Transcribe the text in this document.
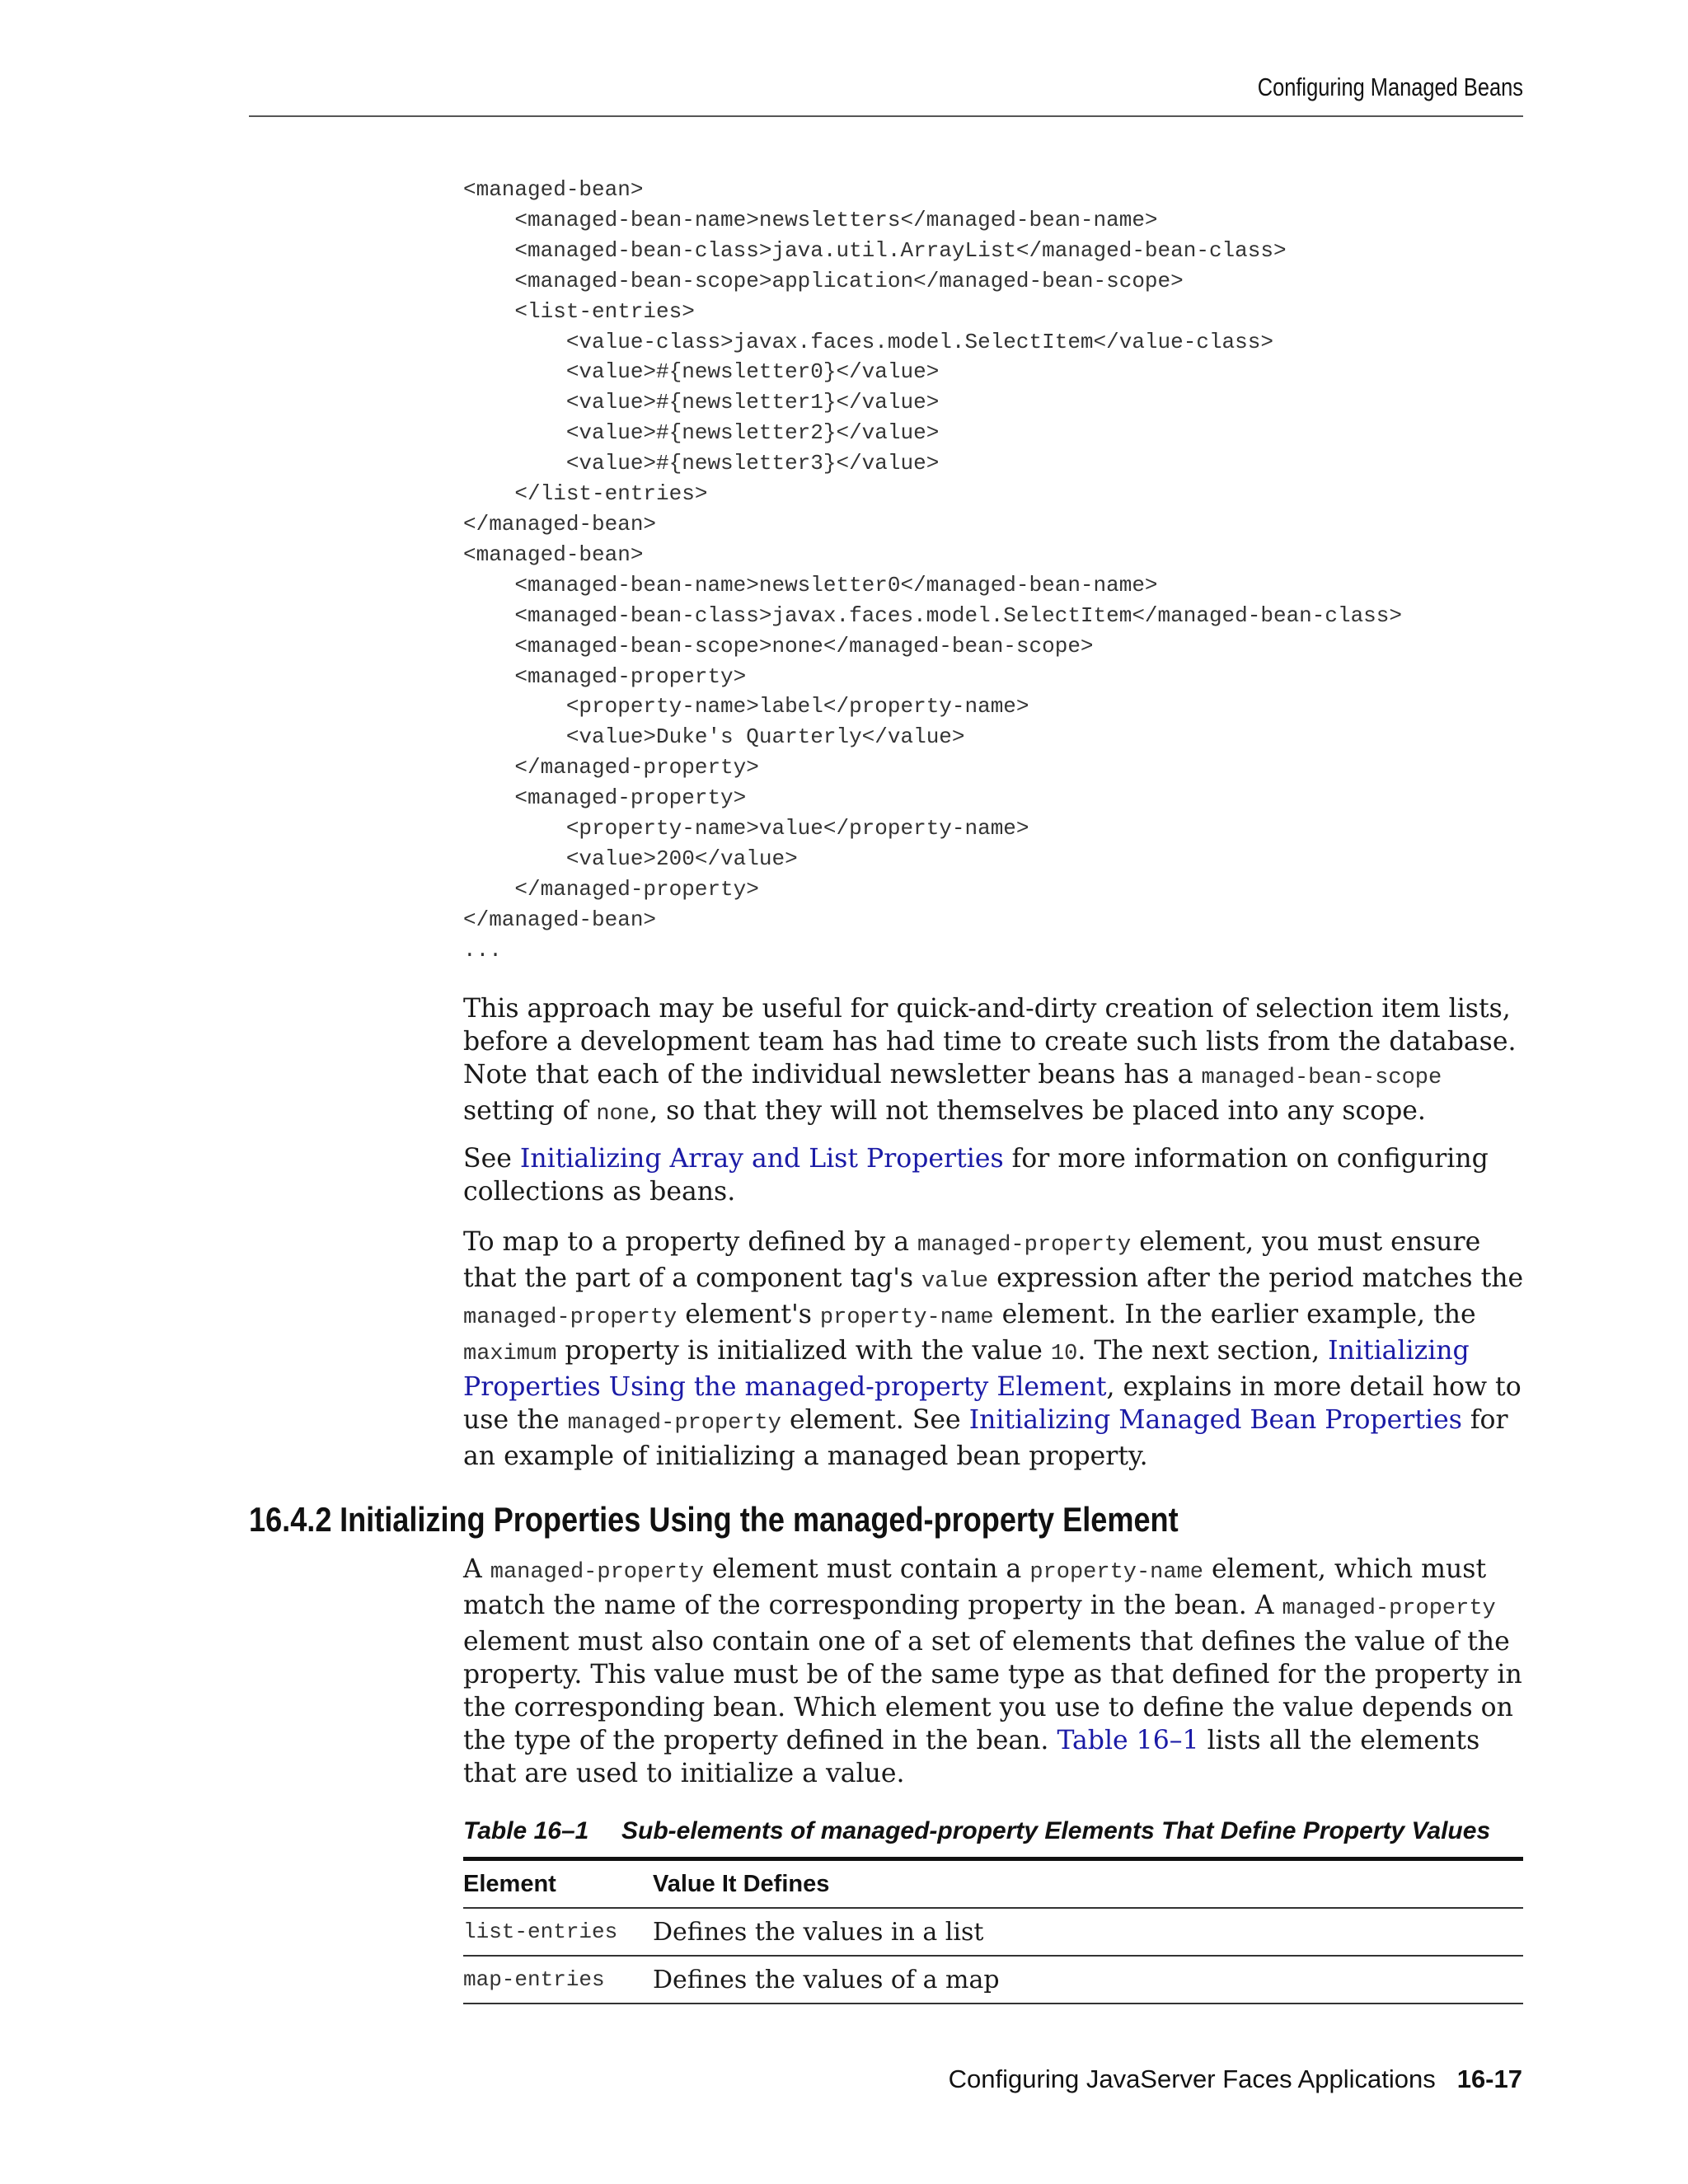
Configuring Managed Beans
<managed-bean>
<managed-bean-name>newsletters</managed-bean-name>
<managed-bean-class>java.util.ArrayList</managed-bean-class>
<managed-bean-scope>application</managed-bean-scope>
<list-entries>
<value-class>javax.faces.model.SelectItem</value-class>
<value>#{newsletter0}</value>
<value>#{newsletter1}</value>
<value>#{newsletter2}</value>
<value>#{newsletter3}</value>
</list-entries>
</managed-bean>
<managed-bean>
<managed-bean-name>newsletter0</managed-bean-name>
<managed-bean-class>javax.faces.model.SelectItem</managed-bean-class>
<managed-bean-scope>none</managed-bean-scope>
<managed-property>
<property-name>label</property-name>
<value>Duke's Quarterly</value>
</managed-property>
<managed-property>
<property-name>value</property-name>
<value>200</value>
</managed-property>
</managed-bean>
...

This approach may be useful for quick-and-dirty creation of selection item lists, before a development team has had time to create such lists from the database. Note that each of the individual newsletter beans has a managed-bean-scope setting of none, so that they will not themselves be placed into any scope.

See Initializing Array and List Properties for more information on configuring collections as beans.

To map to a property defined by a managed-property element, you must ensure that the part of a component tag's value expression after the period matches the managed-property element's property-name element. In the earlier example, the maximum property is initialized with the value 10. The next section, Initializing Properties Using the managed-property Element, explains in more detail how to use the managed-property element. See Initializing Managed Bean Properties for an example of initializing a managed bean property.

16.4.2 Initializing Properties Using the managed-property Element

A managed-property element must contain a property-name element, which must match the name of the corresponding property in the bean. A managed-property element must also contain one of a set of elements that defines the value of the property. This value must be of the same type as that defined for the property in the corresponding bean. Which element you use to define the value depends on the type of the property defined in the bean. Table 16–1 lists all the elements that are used to initialize a value.

Table 16–1 Sub-elements of managed-property Elements That Define Property Values

Element	Value It Defines
list-entries	Defines the values in a list
map-entries	Defines the values of a map
Configuring JavaServer Faces Applications 16-17
